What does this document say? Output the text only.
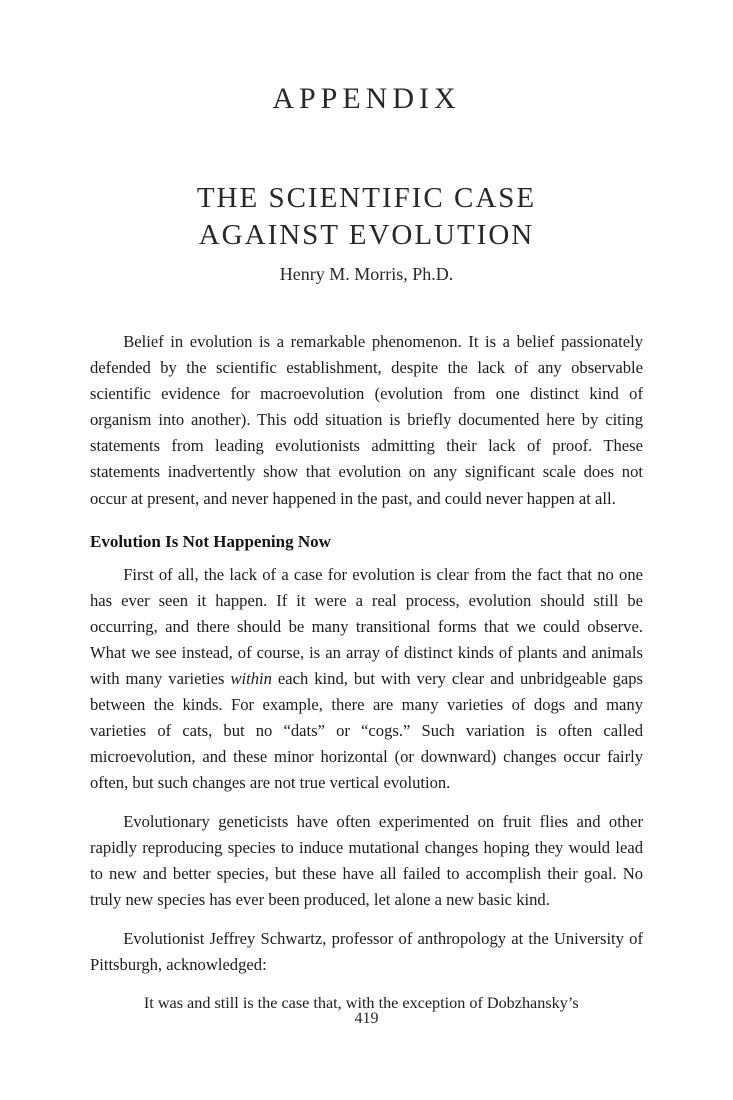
APPENDIX
THE SCIENTIFIC CASE
AGAINST EVOLUTION
Henry M. Morris, Ph.D.

Belief in evolution is a remarkable phenomenon. It is a belief passionately defended by the scientific establishment, despite the lack of any observable scientific evidence for macroevolution (evolution from one distinct kind of organism into another). This odd situation is briefly documented here by citing statements from leading evolutionists admitting their lack of proof. These statements inadvertently show that evolution on any significant scale does not occur at present, and never happened in the past, and could never happen at all.

Evolution Is Not Happening Now

First of all, the lack of a case for evolution is clear from the fact that no one has ever seen it happen. If it were a real process, evolution should still be occurring, and there should be many transitional forms that we could observe. What we see instead, of course, is an array of distinct kinds of plants and animals with many varieties within each kind, but with very clear and unbridgeable gaps between the kinds. For example, there are many varieties of dogs and many varieties of cats, but no “dats” or “cogs.” Such variation is often called microevolution, and these minor horizontal (or downward) changes occur fairly often, but such changes are not true vertical evolution.

Evolutionary geneticists have often experimented on fruit flies and other rapidly reproducing species to induce mutational changes hoping they would lead to new and better species, but these have all failed to accomplish their goal. No truly new species has ever been produced, let alone a new basic kind.

Evolutionist Jeffrey Schwartz, professor of anthropology at the University of Pittsburgh, acknowledged:

It was and still is the case that, with the exception of Dobzhansky’s

419
